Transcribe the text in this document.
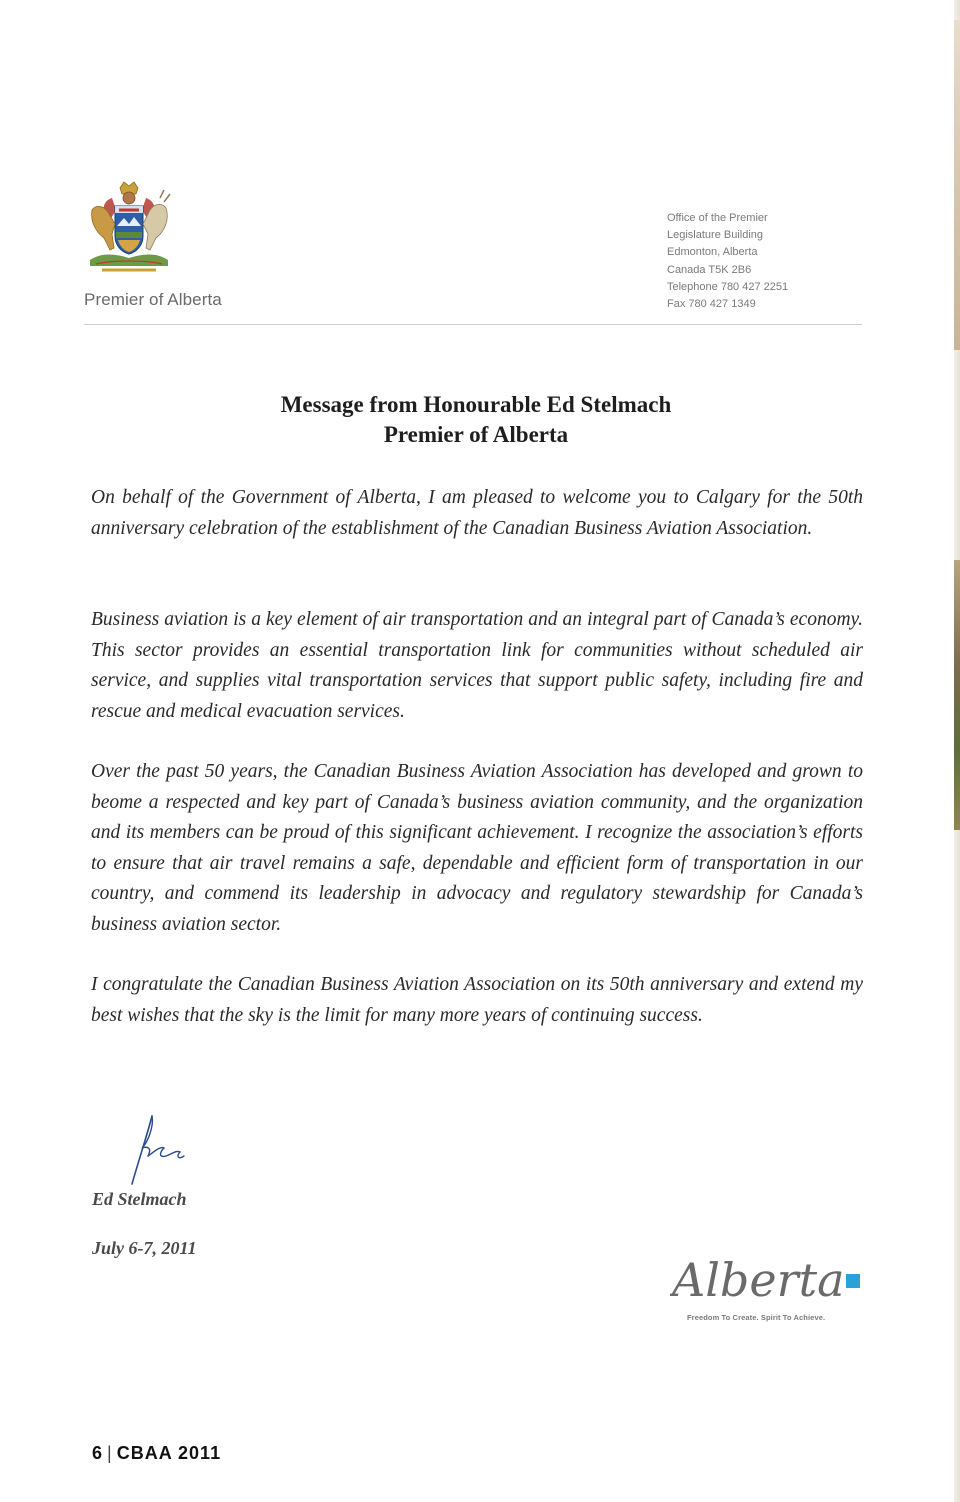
Premier of Alberta
Office of the Premier
Legislature Building
Edmonton, Alberta
Canada T5K 2B6
Telephone 780 427 2251
Fax 780 427 1349
Message from Honourable Ed Stelmach
Premier of Alberta

On behalf of the Government of Alberta, I am pleased to welcome you to Calgary for the 50th anniversary celebration of the establishment of the Canadian Business Aviation Association.

Business aviation is a key element of air transportation and an integral part of Canada’s economy. This sector provides an essential transportation link for communities without scheduled air service, and supplies vital transportation services that support public safety, including fire and rescue and medical evacuation services.

Over the past 50 years, the Canadian Business Aviation Association has developed and grown to beome a respected and key part of Canada’s business aviation community, and the organization and its members can be proud of this significant achievement. I recognize the association’s efforts to ensure that air travel remains a safe, dependable and efficient form of transportation in our country, and commend its leadership in advocacy and regulatory stewardship for Canada’s business aviation sector.

I congratulate the Canadian Business Aviation Association on its 50th anniversary and extend my best wishes that the sky is the limit for many more years of continuing success.

Ed Stelmach
July 6-7, 2011
Alberta
Freedom To Create. Spirit To Achieve.
6 | CBAA 2011
